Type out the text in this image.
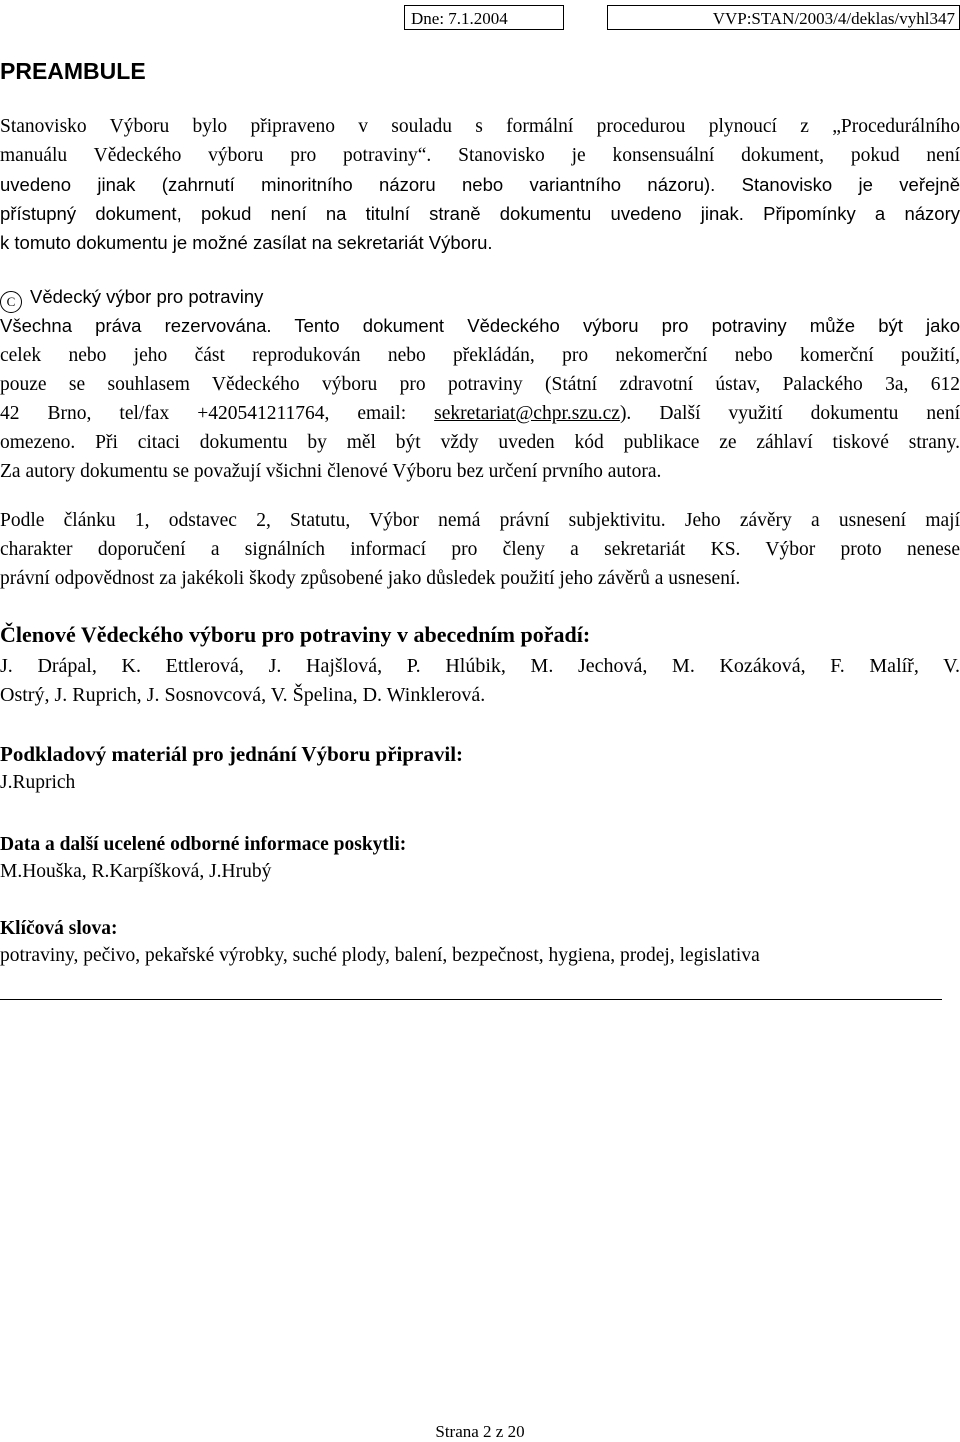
Dne: 7.1.2004	VVP:STAN/2003/4/deklas/vyhl347
PREAMBULE
Stanovisko Výboru bylo připraveno v souladu s formální procedurou plynoucí z „Procedurálního
manuálu Vědeckého výboru pro potraviny“. Stanovisko je konsensuální dokument, pokud není
uvedeno jinak (zahrnutí minoritního názoru nebo variantního názoru). Stanovisko je veřejně
přístupný dokument, pokud není na titulní straně dokumentu uvedeno jinak. Připomínky a názory
k tomuto dokumentu je možné zasílat na sekretariát Výboru.
C Vědecký výbor pro potraviny
Všechna práva rezervována. Tento dokument Vědeckého výboru pro potraviny může být jako
celek nebo jeho část reprodukován nebo překládán, pro nekomerční nebo komerční použití,
pouze se souhlasem Vědeckého výboru pro potraviny (Státní zdravotní ústav, Palackého 3a, 612
42 Brno, tel/fax +420541211764, email: sekretariat@chpr.szu.cz). Další využití dokumentu není
omezeno. Při citaci dokumentu by měl být vždy uveden kód publikace ze záhlaví tiskové strany.
Za autory dokumentu se považují všichni členové Výboru bez určení prvního autora.
Podle článku 1, odstavec 2, Statutu, Výbor nemá právní subjektivitu. Jeho závěry a usnesení mají
charakter doporučení a signálních informací pro členy a sekretariát KS. Výbor proto nenese
právní odpovědnost za jakékoli škody způsobené jako důsledek použití jeho závěrů a usnesení.
Členové Vědeckého výboru pro potraviny v abecedním pořadí:
J. Drápal, K. Ettlerová, J. Hajšlová, P. Hlúbik, M. Jechová, M. Kozáková, F. Malíř, V.
Ostrý, J. Ruprich, J. Sosnovcová, V. Špelina, D. Winklerová.
Podkladový materiál pro jednání Výboru připravil:

J.Ruprich

Data a další ucelené odborné informace poskytli:

M.Houška, R.Karpíšková, J.Hrubý

Klíčová slova:

potraviny, pečivo, pekařské výrobky, suché plody, balení, bezpečnost, hygiena, prodej, legislativa

Strana 2 z 20
